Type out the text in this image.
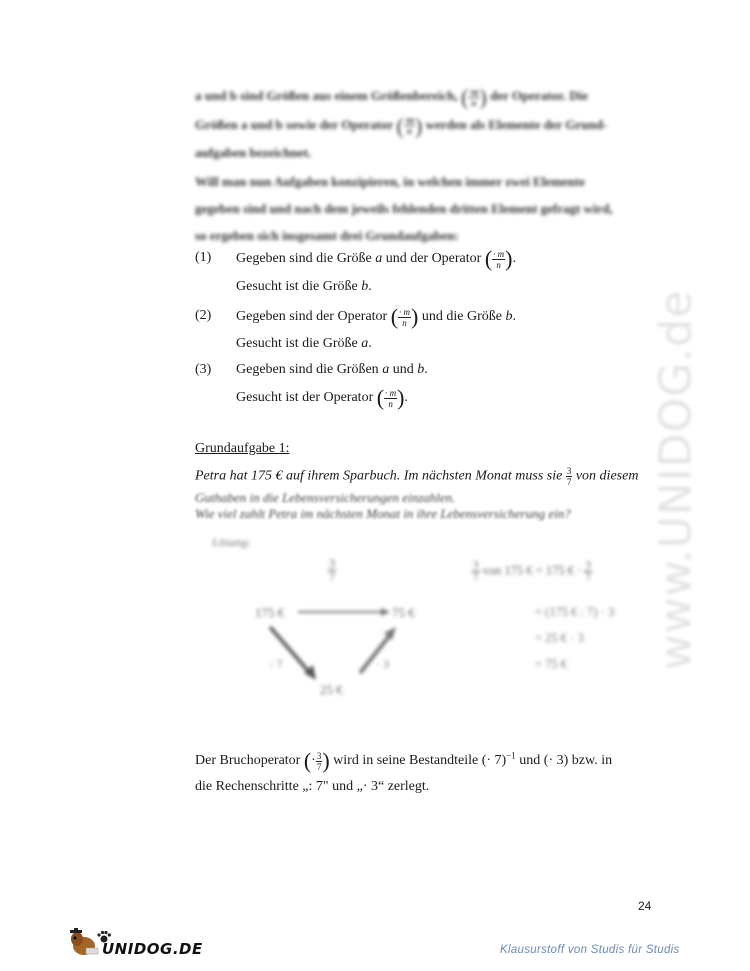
www.UNIDOG.de
a und b sind Größen aus einem Größenbereich, ( $\frac{\cdot m}{n}$ ) der Operator. Die
Größen a und b sowie der Operator ( $\frac{\cdot m}{n}$ ) werden als Elemente der Grund-
aufgaben bezeichnet.
Will man nun Aufgaben konzipieren, in welchen immer zwei Elemente
gegeben sind und nach dem jeweils fehlenden dritten Element gefragt wird,
so ergeben sich insgesamt drei Grundaufgaben:
(1) Gegeben sind die Größe a und der Operator ( $\frac{\cdot m}{n}$ ).
Gesucht ist die Größe b.
(2) Gegeben sind der Operator ( $\frac{\cdot m}{n}$ ) und die Größe b.
Gesucht ist die Größe a.
(3) Gegeben sind die Größen a und b.
Gesucht ist der Operator ( $\frac{\cdot m}{n}$ ).
Grundaufgabe 1:
Petra hat 175 € auf ihrem Sparbuch. Im nächsten Monat muss sie $\frac{3}{7}$ von diesem
Guthaben in die Lebensversicherungen einzahlen.
Wie viel zahlt Petra im nächsten Monat in ihre Lebensversicherung ein?
Lösung:
$\frac{3}{7}$
175 €	75 €
25 €
: 7	· 3
$\frac{3}{7}$ von 175 € = 175 € · $\frac{3}{7}$
= (175 € : 7) · 3
= 25 € · 3
= 75 €
Der Bruchoperator (· $\frac{3}{7}$ ) wird in seine Bestandteile (· 7)$^{-1}$ und (· 3) bzw. in
die Rechenschritte „: 7" und „· 3“ zerlegt.
24
UNIDOG.DE	Klausurstoff von Studis für Studis
